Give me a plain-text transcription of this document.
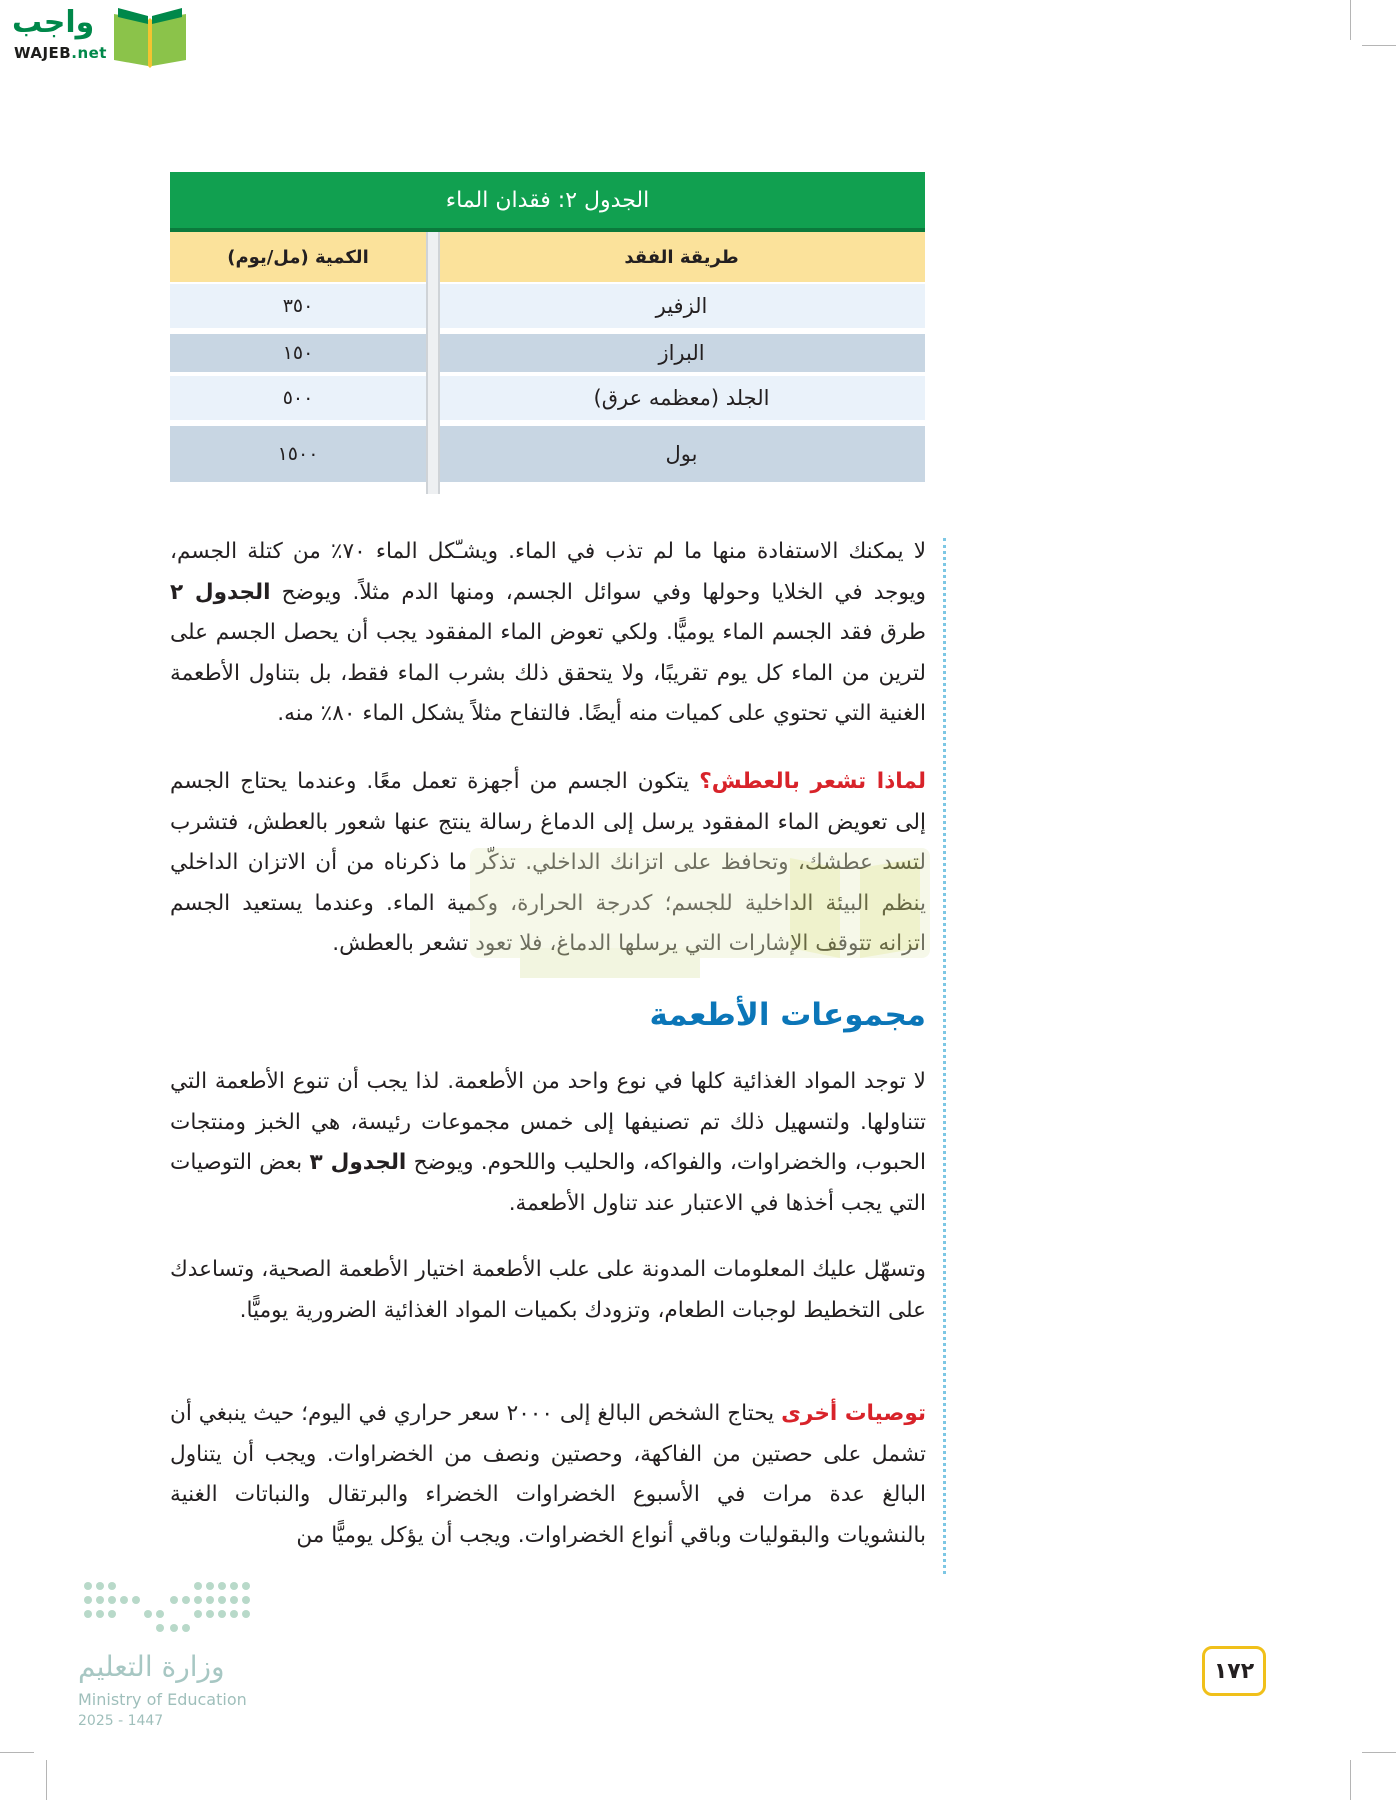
واجب
WAJEB.net
الجدول ٢: فقدان الماء
الكمية (مل/يوم)	طريقة الفقد
٣٥٠	الزفير
١٥٠	البراز
٥٠٠	الجلد (معظمه عرق)
١٥٠٠	بول

لا يمكنك الاستفادة منها ما لم تذب في الماء. ويشـّكل الماء ٧٠٪ من كتلة الجسم، ويوجد في الخلايا وحولها وفي سوائل الجسم، ومنها الدم مثلاً. ويوضح الجدول ٢ طرق فقد الجسم الماء يوميًّا. ولكي تعوض الماء المفقود يجب أن يحصل الجسم على لترين من الماء كل يوم تقريبًا، ولا يتحقق ذلك بشرب الماء فقط، بل بتناول الأطعمة الغنية التي تحتوي على كميات منه أيضًا. فالتفاح مثلاً يشكل الماء ٨٠٪ منه.

لماذا تشعر بالعطش؟ يتكون الجسم من أجهزة تعمل معًا. وعندما يحتاج الجسم إلى تعويض الماء المفقود يرسل إلى الدماغ رسالة ينتج عنها شعور بالعطش، فتشرب لتسد عطشك، وتحافظ على اتزانك الداخلي. تذكّر ما ذكرناه من أن الاتزان الداخلي ينظم البيئة الداخلية للجسم؛ كدرجة الحرارة، وكمية الماء. وعندما يستعيد الجسم اتزانه تتوقف الإشارات التي يرسلها الدماغ، فلا تعود تشعر بالعطش.

مجموعات الأطعمة

لا توجد المواد الغذائية كلها في نوع واحد من الأطعمة. لذا يجب أن تنوع الأطعمة التي تتناولها. ولتسهيل ذلك تم تصنيفها إلى خمس مجموعات رئيسة، هي الخبز ومنتجات الحبوب، والخضراوات، والفواكه، والحليب واللحوم. ويوضح الجدول ٣ بعض التوصيات التي يجب أخذها في الاعتبار عند تناول الأطعمة.

وتسهّل عليك المعلومات المدونة على علب الأطعمة اختيار الأطعمة الصحية، وتساعدك على التخطيط لوجبات الطعام، وتزودك بكميات المواد الغذائية الضرورية يوميًّا.

توصيات أخرى يحتاج الشخص البالغ إلى ٢٠٠٠ سعر حراري في اليوم؛ حيث ينبغي أن تشمل على حصتين من الفاكهة، وحصتين ونصف من الخضراوات. ويجب أن يتناول البالغ عدة مرات في الأسبوع الخضراوات الخضراء والبرتقال والنباتات الغنية بالنشويات والبقوليات وباقي أنواع الخضراوات. ويجب أن يؤكل يوميًّا من

وزارة التعليم
Ministry of Education
2025 - 1447
١٧٢
